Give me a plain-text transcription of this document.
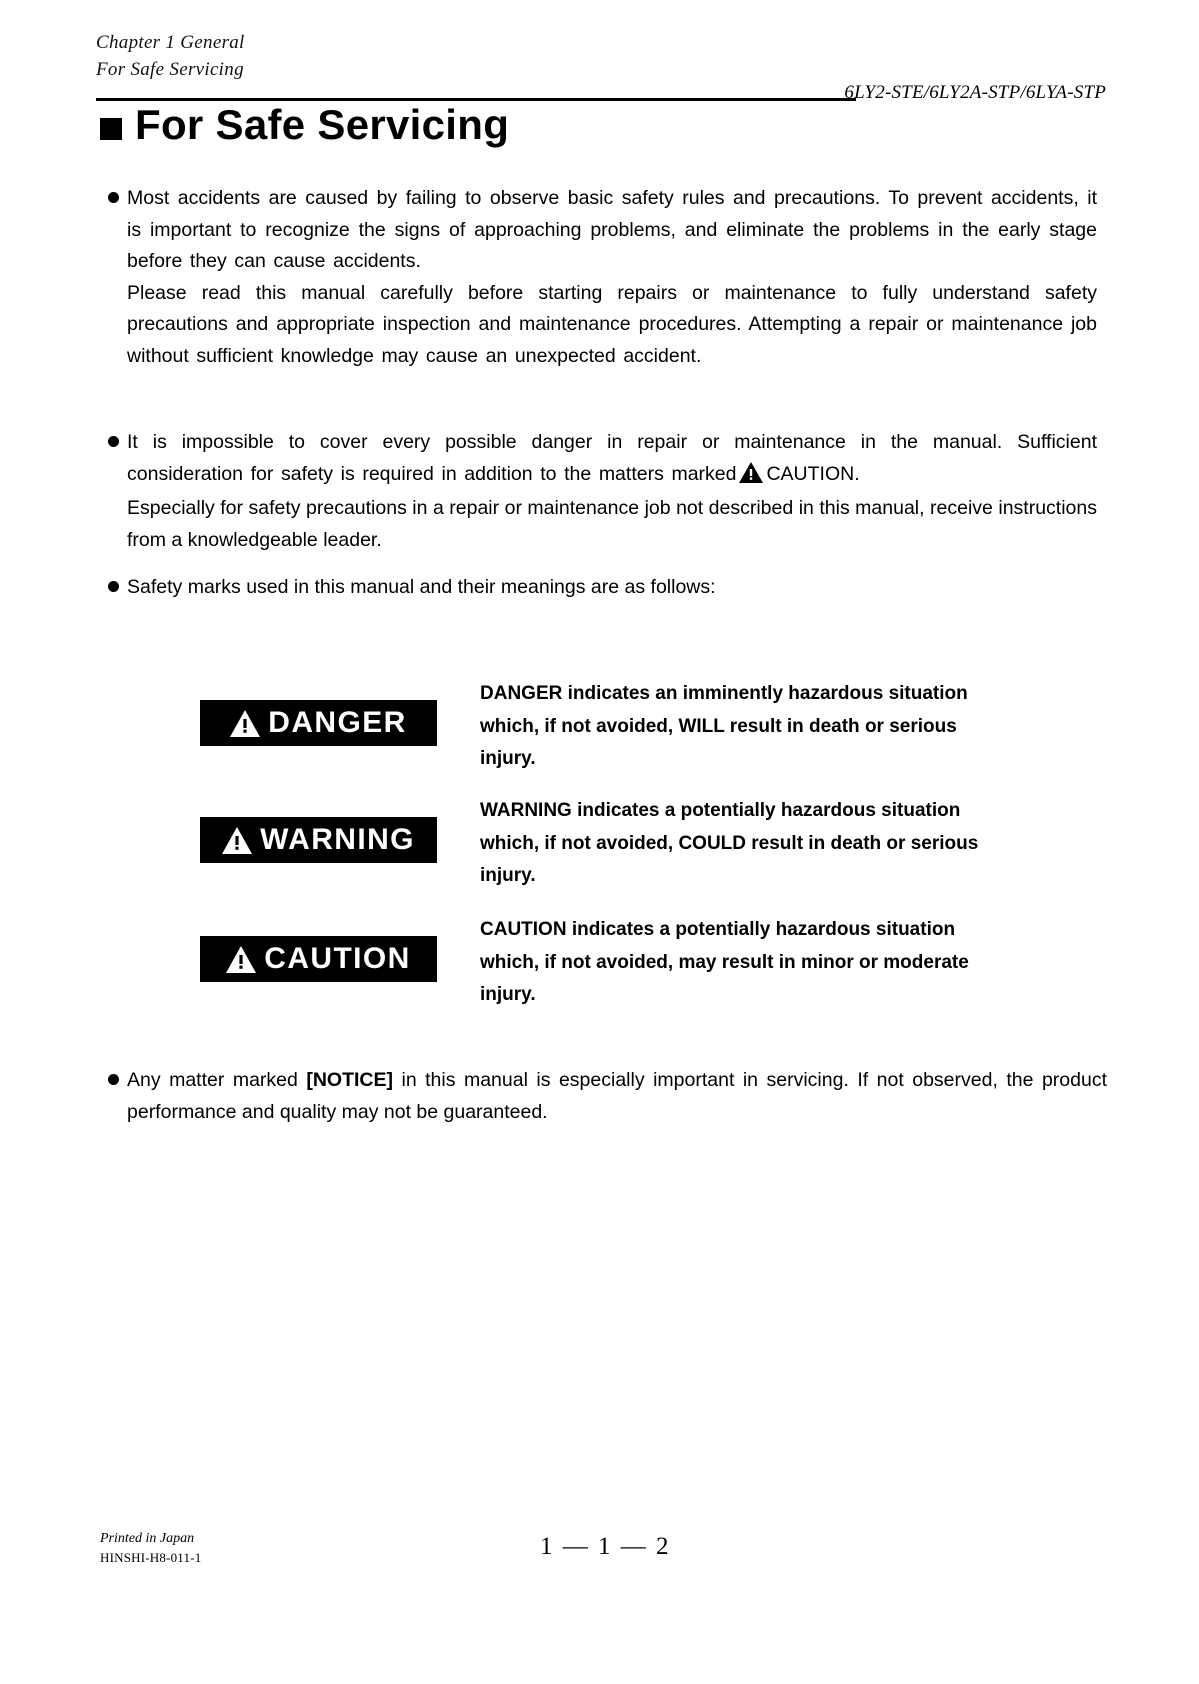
Chapter 1 General
For Safe Servicing
6LY2-STE/6LY2A-STP/6LYA-STP
For Safe Servicing
Most accidents are caused by failing to observe basic safety rules and precautions. To prevent accidents, it is important to recognize the signs of approaching problems, and eliminate the problems in the early stage before they can cause accidents.
Please read this manual carefully before starting repairs or maintenance to fully understand safety precautions and appropriate inspection and maintenance procedures. Attempting a repair or maintenance job without sufficient knowledge may cause an unexpected accident.
It is impossible to cover every possible danger in repair or maintenance in the manual. Sufficient consideration for safety is required in addition to the matters marked CAUTION.
Especially for safety precautions in a repair or maintenance job not described in this manual, receive instructions from a knowledgeable leader.
Safety marks used in this manual and their meanings are as follows:
DANGER
DANGER indicates an imminently hazardous situation which, if not avoided, WILL result in death or serious injury.
WARNING
WARNING indicates a potentially hazardous situation which, if not avoided, COULD result in death or serious injury.
CAUTION
CAUTION indicates a potentially hazardous situation which, if not avoided, may result in minor or moderate injury.
Any matter marked [NOTICE] in this manual is especially important in servicing. If not observed, the product performance and quality may not be guaranteed.
Printed in Japan
HINSHI-H8-011-1	1 — 1 — 2
